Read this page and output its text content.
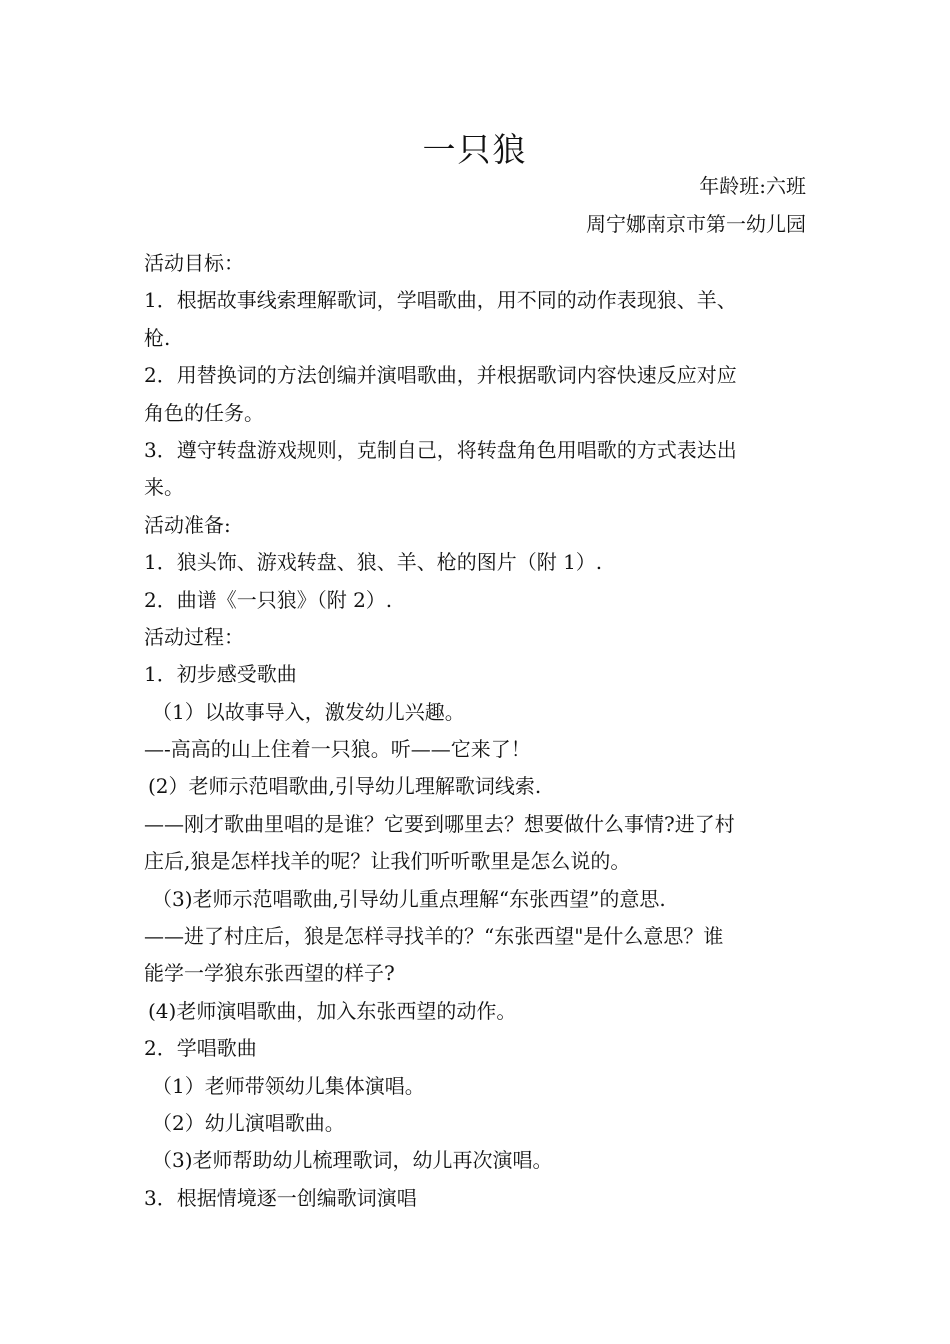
一只狼
年龄班:六班
周宁娜南京市第一幼儿园
活动目标：
1．根据故事线索理解歌词，学唱歌曲，用不同的动作表现狼、羊、
枪.
2．用替换词的方法创编并演唱歌曲，并根据歌词内容快速反应对应
角色的任务。
3．遵守转盘游戏规则，克制自己，将转盘角色用唱歌的方式表达出
来。
活动准备:
1．狼头饰、游戏转盘、狼、羊、枪的图片（附 1）.
2．曲谱《一只狼》（附 2）.
活动过程：
1．初步感受歌曲
（1）以故事导入，激发幼儿兴趣。
—-高高的山上住着一只狼。听——它来了！
(2）老师示范唱歌曲,引导幼儿理解歌词线索.
——刚才歌曲里唱的是谁？它要到哪里去？想要做什么事情?进了村
庄后,狼是怎样找羊的呢？让我们听听歌里是怎么说的。
（3)老师示范唱歌曲,引导幼儿重点理解“东张西望”的意思.
——进了村庄后，狼是怎样寻找羊的？“东张西望"是什么意思？谁
能学一学狼东张西望的样子?
(4)老师演唱歌曲，加入东张西望的动作。
2．学唱歌曲
（1）老师带领幼儿集体演唱。
（2）幼儿演唱歌曲。
（3)老师帮助幼儿梳理歌词，幼儿再次演唱。
3．根据情境逐一创编歌词演唱
